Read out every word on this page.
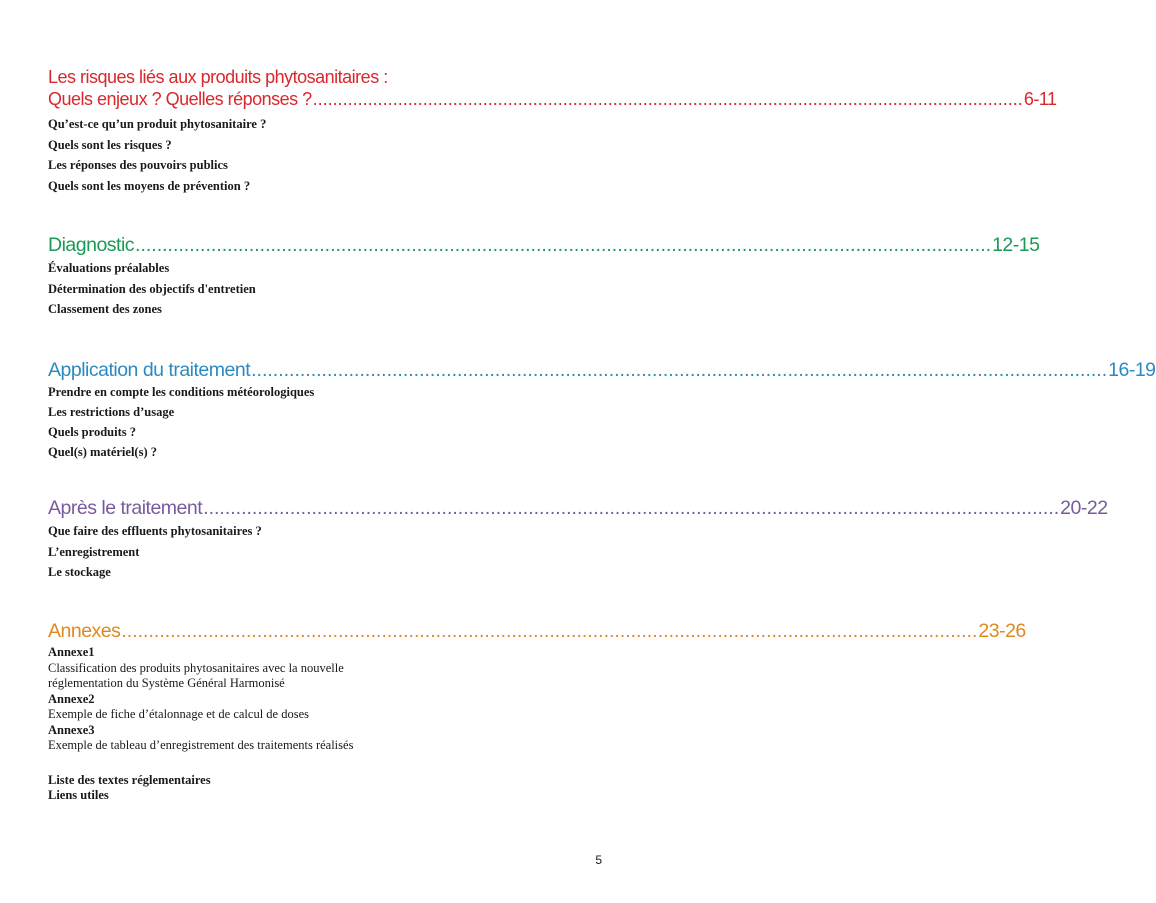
Les risques liés aux produits phytosanitaires :
Quels enjeux ? Quelles réponses ? .............................................................................................................................................. 6-11

Qu’est-ce qu’un produit phytosanitaire ?

Quels sont les risques ?

Les réponses des pouvoirs publics

Quels sont les moyens de prévention ?

Diagnostic .............................................................................................................................................................. 12-15

Évaluations préalables

Détermination des objectifs d'entretien

Classement des zones

Application du traitement .............................................................................................................................................................. 16-19

Prendre en compte les conditions météorologiques

Les restrictions d’usage

Quels produits ?

Quel(s) matériel(s) ?

Après le traitement .............................................................................................................................................................. 20-22

Que faire des effluents phytosanitaires ?

L’enregistrement

Le stockage

Annexes .............................................................................................................................................................. 23-26
Annexe1
Classification des produits phytosanitaires avec la nouvelle
réglementation du Système Général Harmonisé
Annexe2
Exemple de fiche d’étalonnage et de calcul de doses
Annexe3
Exemple de tableau d’enregistrement des traitements réalisés
Liste des textes réglementaires
Liens utiles
5
